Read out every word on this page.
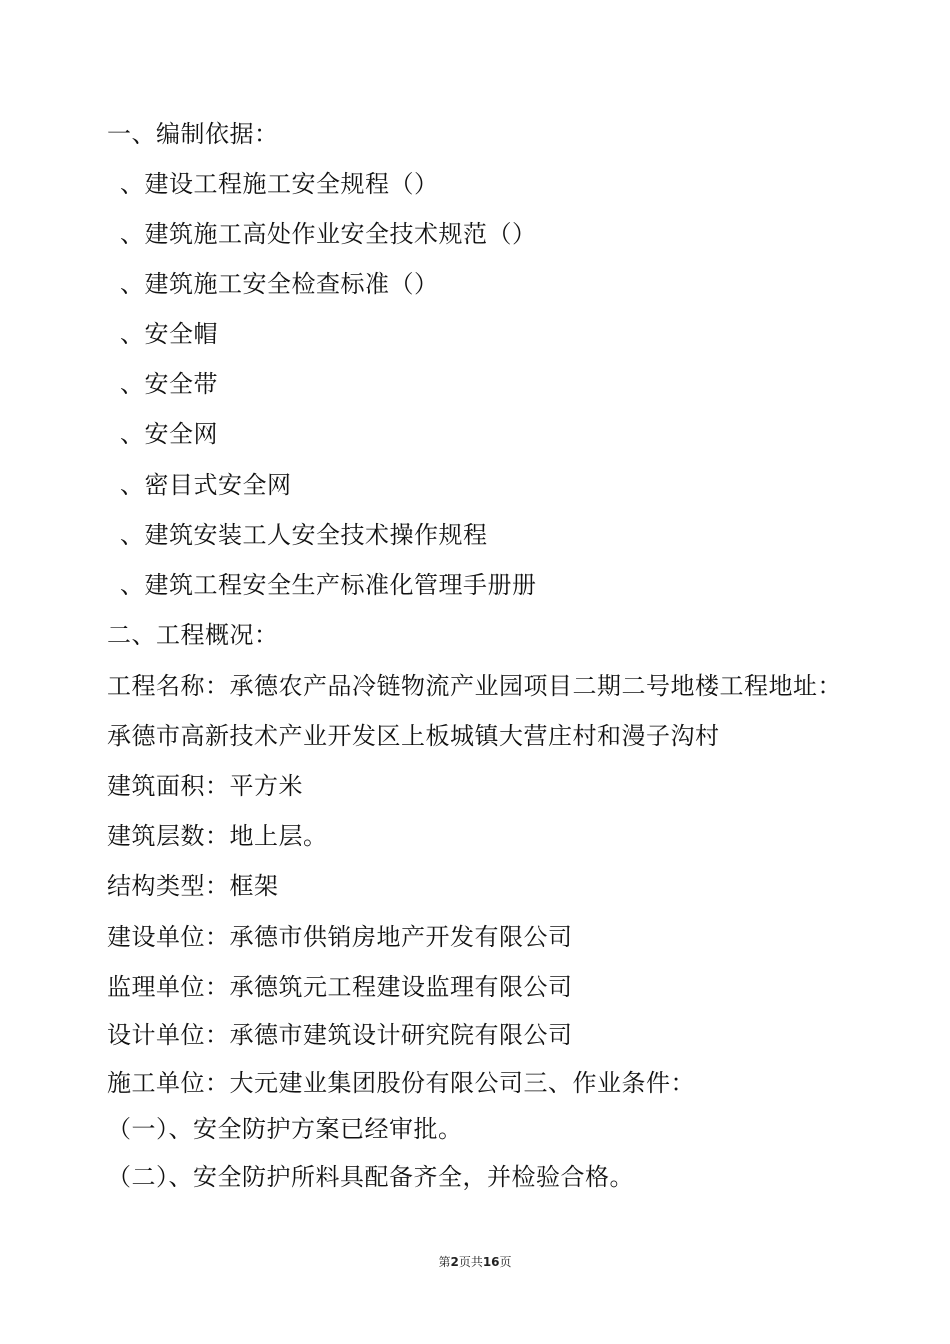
一、编制依据：
、建设工程施工安全规程（）
、建筑施工高处作业安全技术规范（）
、建筑施工安全检查标准（）
、安全帽
、安全带
、安全网
、密目式安全网
、建筑安装工人安全技术操作规程
、建筑工程安全生产标准化管理手册册
二、工程概况：
工程名称：承德农产品冷链物流产业园项目二期二号地楼工程地址：
承德市高新技术产业开发区上板城镇大营庄村和漫子沟村
建筑面积：平方米
建筑层数：地上层。
结构类型：框架
建设单位：承德市供销房地产开发有限公司
监理单位：承德筑元工程建设监理有限公司
设计单位：承德市建筑设计研究院有限公司
施工单位：大元建业集团股份有限公司三、作业条件：
（一）、安全防护方案已经审批。
（二）、安全防护所料具配备齐全，并检验合格。
第2页共16页
